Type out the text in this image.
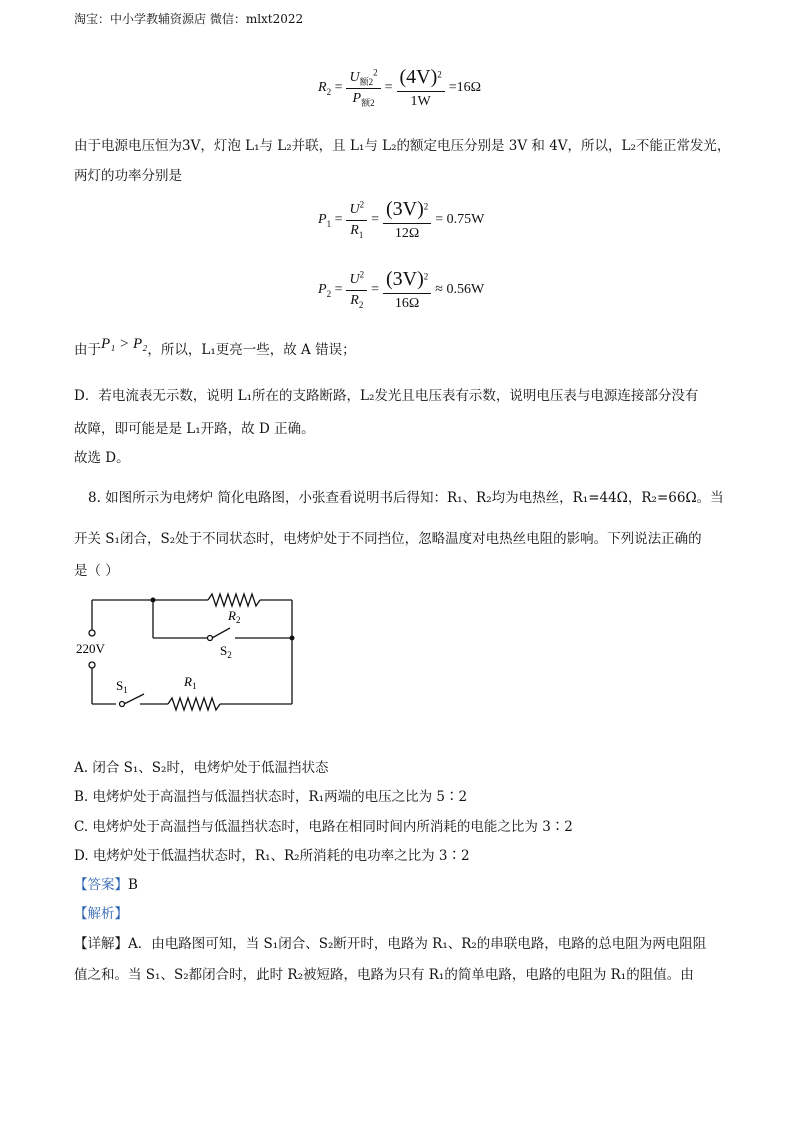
淘宝：中小学教辅资源店 微信：mlxt2022
$R_2 = \frac{U_{额2}^2}{P_{额2}} = \frac{(4V)^2}{1W} =16\Omega$
由于电源电压恒为3V，灯泡 L₁与 L₂并联，且 L₁与 L₂的额定电压分别是 3V 和 4V，所以，L₂不能正常发光，
两灯的功率分别是
$P_1 = \frac{U^2}{R_1} = \frac{(3V)^2}{12\Omega} = 0.75W$
$P_2 = \frac{U^2}{R_2} = \frac{(3V)^2}{16\Omega} \approx 0.56W$
由于P₁ > P₂，所以，L₁更亮一些，故 A 错误；
D．若电流表无示数，说明 L₁所在的支路断路，L₂发光且电压表有示数，说明电压表与电源连接部分没有
故障，即可能是是 L₁开路，故 D 正确。
故选 D。
8. 如图所示为电烤炉 简化电路图，小张查看说明书后得知：R₁、R₂均为电热丝，R₁=44Ω，R₂=66Ω。当
开关 S₁闭合，S₂处于不同状态时，电烤炉处于不同挡位，忽略温度对电热丝电阻的影响。下列说法正确的
是（ ）
220V
$R_2$
$S_2$
$S_1$
$R_1$
A. 闭合 S₁、S₂时，电烤炉处于低温挡状态
B. 电烤炉处于高温挡与低温挡状态时，R₁两端的电压之比为 5∶2
C. 电烤炉处于高温挡与低温挡状态时，电路在相同时间内所消耗的电能之比为 3∶2
D. 电烤炉处于低温挡状态时，R₁、R₂所消耗的电功率之比为 3∶2
【答案】B
【解析】
【详解】A．由电路图可知，当 S₁闭合、S₂断开时，电路为 R₁、R₂的串联电路，电路的总电阻为两电阻阻
值之和。当 S₁、S₂都闭合时，此时 R₂被短路，电路为只有 R₁的简单电路，电路的电阻为 R₁的阻值。由
